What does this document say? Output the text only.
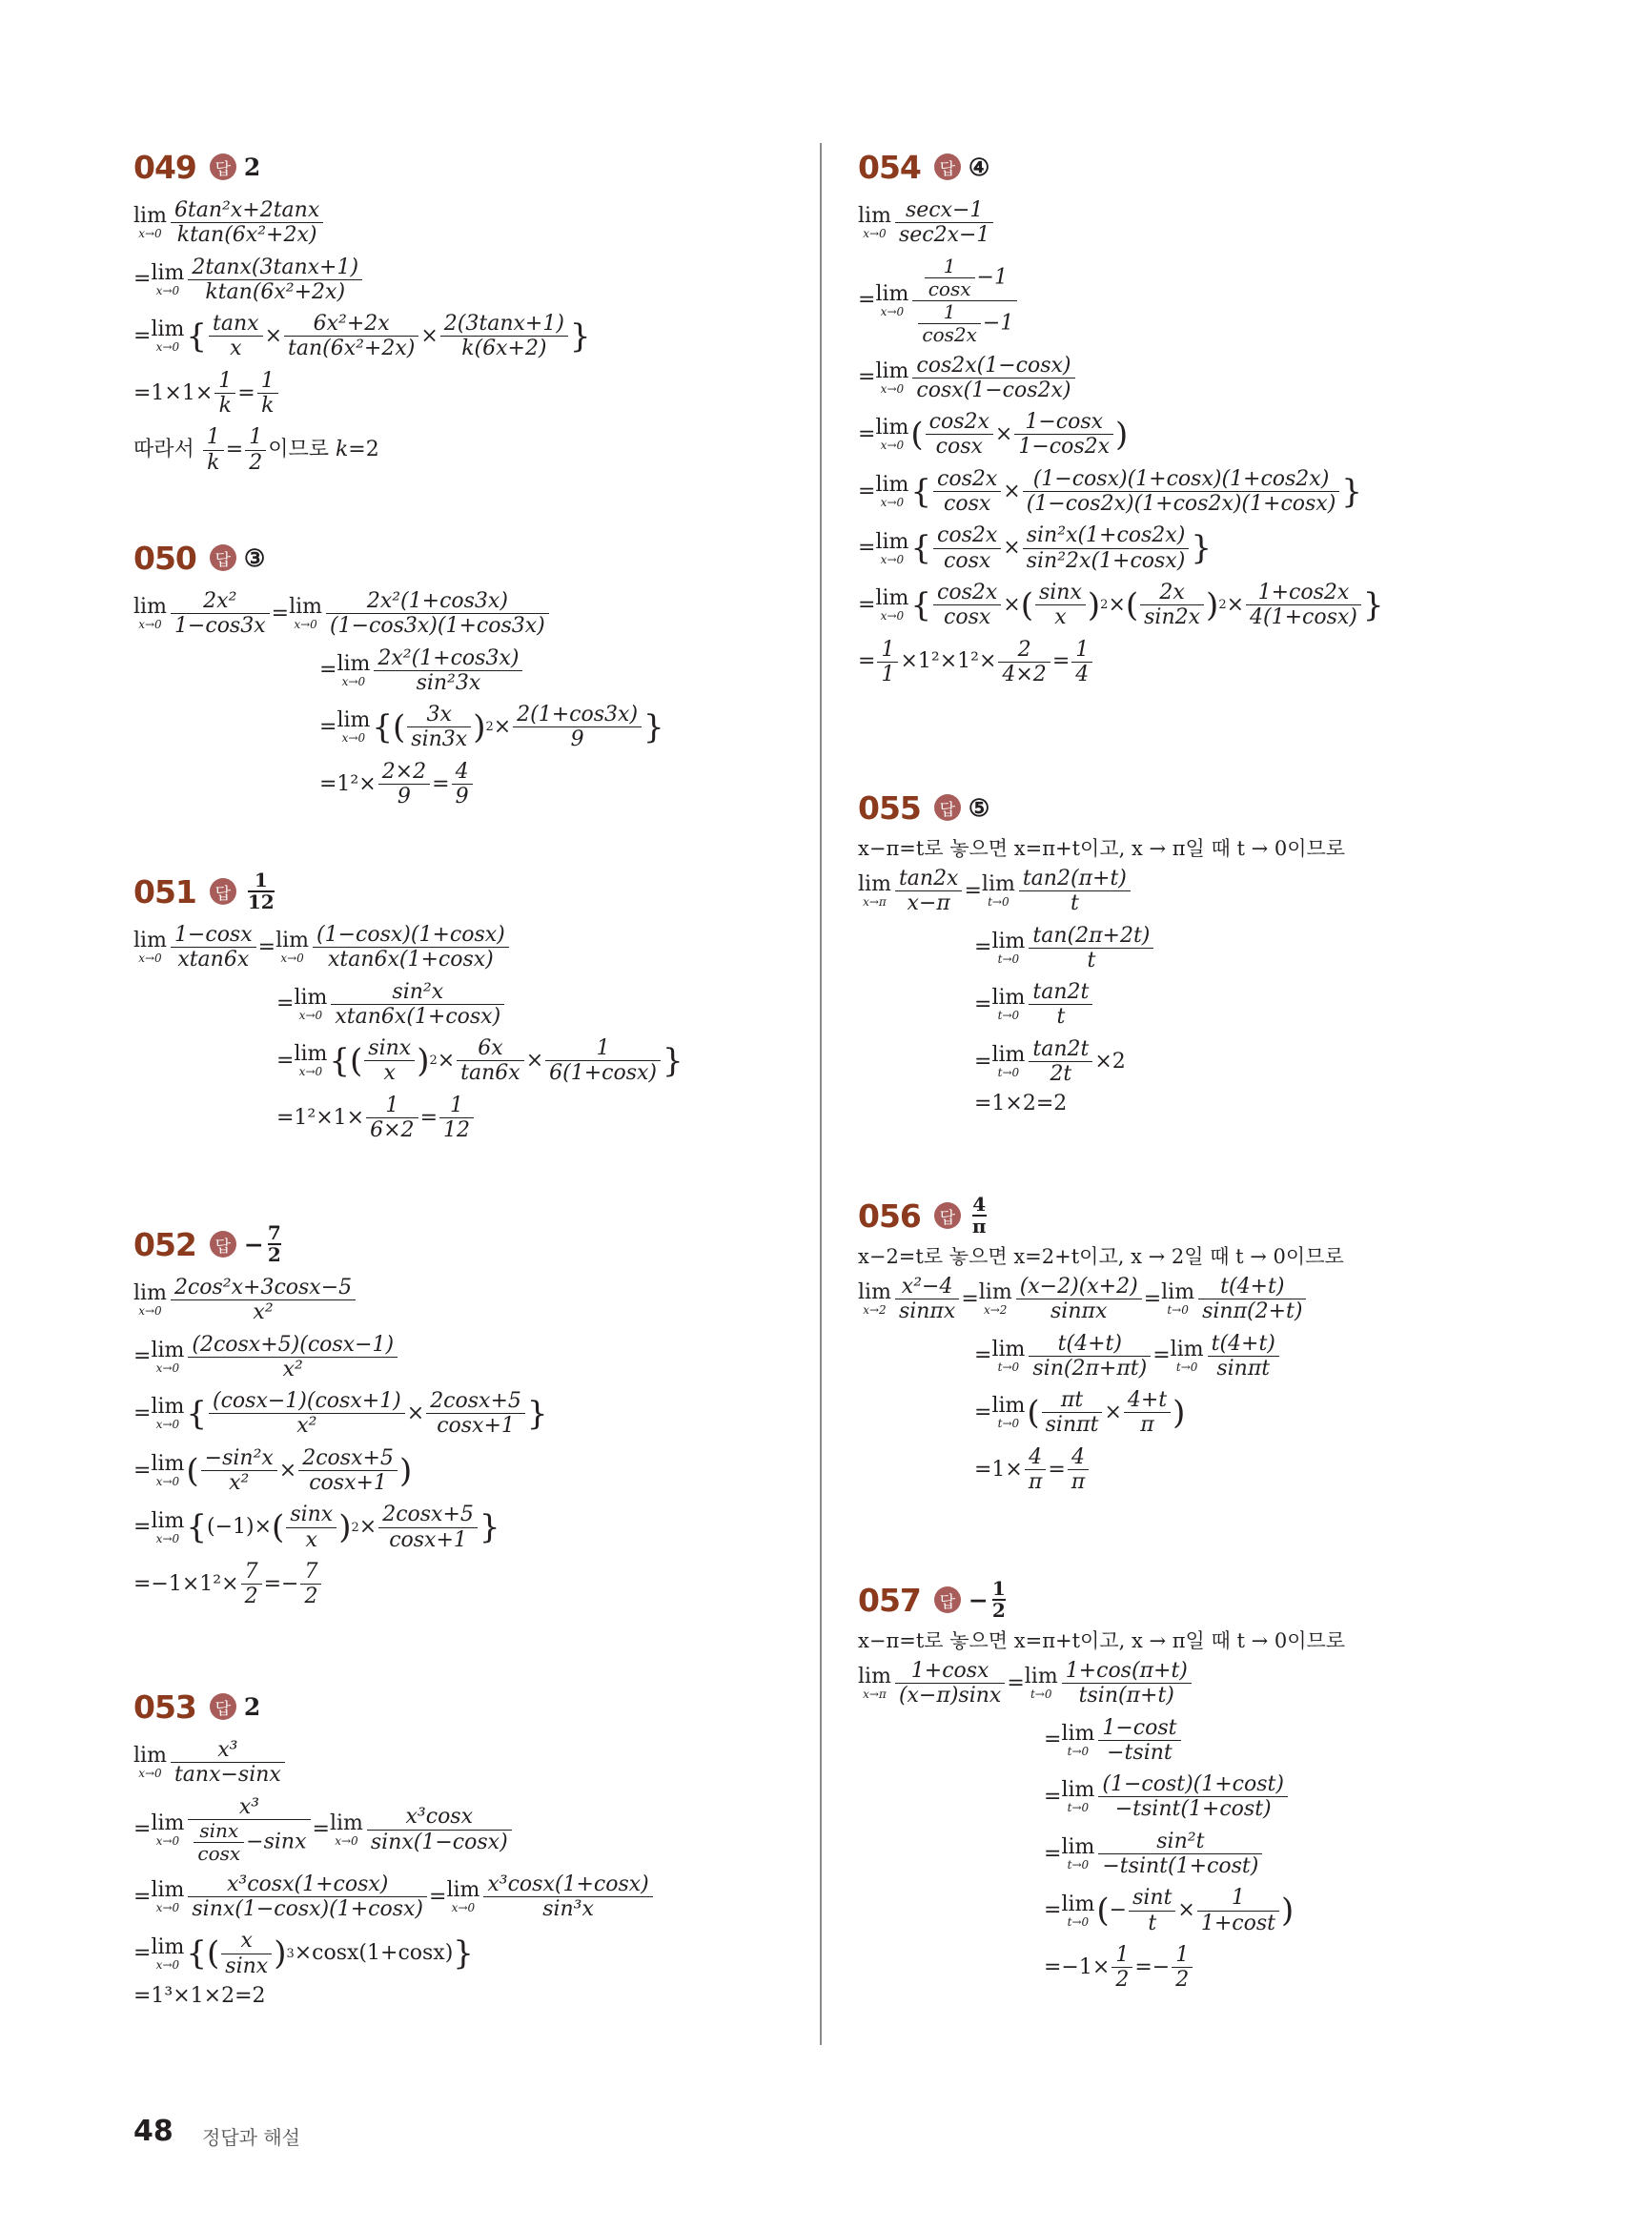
049	답 2
lim
$x\to 0 \frac{\text{6tan²x+2tanx}}{\text{ktan(6x²+2x)}}$
= lim
$x\to 0 \frac{2\tan x(3\tan x+1)}{\text{ktan(6x²+2x)}}$
= lim
x→0 { $\frac{\tan x}{x} \times \frac{\text{6x²+2x}}{\text{tan(6x²+2x)}} \times \frac{2(3\tan x+1)}{k(6x+2)}$ }
$=1\times 1\times \frac{1}{k} = \frac{1}{k}$
따라서 $\frac{1}{k} = \frac{1}{2}$ 이므로 k =2
050	답 ③
lim
$x\to 0 \frac{\text{2x²}}{1-\cos 3x} = \lim$
$x\to 0 \frac{\text{2x²(1+cos3x)}}{(1-\cos 3x)(1+\cos 3x)}$
= lim
$x\to 0 \frac{\text{2x²(1+cos3x)}}{\text{sin²3x}}$
= lim
x→0 {( $\frac{3x}{\sin 3x}$ ) $2 \times \frac{2(1+\cos 3x)}{9}$ }
$=1^2\times \frac{2\times 2}{9} = \frac{4}{9}$
051	답 $\frac{1}{12}$
lim
$x\to 0 \frac{1-\cos x}{xtan6x} = \lim$
$x\to 0 \frac{(1-\cos x)(1+\cos x)}{xtan6x(1+\cos x)}$
= lim
$x\to 0 \frac{\text{sin²x}}{xtan6x(1+\cos x)}$
= lim
x→0 {( $\frac{\sin x}{x}$ ) $2 \times \frac{6x}{\tan 6x} \times \frac{1}{6(1+\cos x)}$ }
$=1^2\times 1\times \frac{1}{6\times 2} = \frac{1}{12}$
052	답 − $\frac{7}{2}$
lim
$x\to 0 \frac{\text{2cos²x+3cosx−5}}{\text{x²}}$
= lim
$x\to 0 \frac{(2\cos x+5)(\cos x-1)}{\text{x²}}$
= lim
x→0 { $\frac{(\cos x-1)(\cos x+1)}{\text{x²}} \times \frac{2\cos x+5}{\cos x+1}$ }
= lim
x→0 ( $\frac{\text{−sin²x}}{\text{x²}} \times \frac{2\cos x+5}{\cos x+1}$ )
= lim
x→0 { (−1)× ( $\frac{\sin x}{x}$ ) $2 \times \frac{2\cos x+5}{\cos x+1}$ }
$=-1\times 1^2\times \frac{7}{2} =- \frac{7}{2}$
053	답 2
lim
$x\to 0 \frac{\text{x³}}{\tan x-\sin x}$
= lim
$x\to 0 \frac{\text{x³}}{\frac{\sin x}{\cos x} -\sin x} = \lim$
$x\to 0 \frac{\text{x³cosx}}{\sin x(1-\cos x)}$
= lim
$x\to 0 \frac{\text{x³cosx(1+cosx)}}{\sin x(1-\cos x)(1+\cos x)} = \lim$
$x\to 0 \frac{\text{x³cosx(1+cosx)}}{\text{sin³x}}$
= lim
x→0 {( $\frac{x}{\sin x}$ ) 3 ×cosx(1+cosx) }
=1³×1×2=2
054	답 ④
lim
$x\to 0 \frac{\sec x-1}{\sec 2x-1}$
= lim
$x\to 0 \frac{\frac{1}{\cos x} -1}{\frac{1}{\cos 2x} -1}$
= lim
$x\to 0 \frac{\cos 2x(1-\cos x)}{\cos x(1-\cos 2x)}$
= lim
x→0 ( $\frac{\cos 2x}{\cos x} \times \frac{1-\cos x}{1-\cos 2x}$ )
= lim
x→0 { $\frac{\cos 2x}{\cos x} \times \frac{(1-\cos x)(1+\cos x)(1+\cos 2x)}{(1-\cos 2x)(1+\cos 2x)(1+\cos x)}$ }
= lim
x→0 { $\frac{\cos 2x}{\cos x} \times \frac{\text{sin²x(1+cos2x)}}{\text{sin²2x(1+cosx)}}$ }
= lim
x→0 { $\frac{\cos 2x}{\cos x}$ × ( $\frac{\sin x}{x}$ ) 2 × ( $\frac{2x}{\sin 2x}$ ) $2 \times \frac{1+\cos 2x}{4(1+\cos x)}$ }
= $\frac{1}{1} \times 1^2\times 1^2\times \frac{2}{4\times 2} = \frac{1}{4}$
055	답 ⑤
x−π=t로 놓으면 x=π+t이고, x → π일 때 t → 0이므로
lim
$x\to\pi \frac{\tan 2x}{x-\pi} = \lim$
$t\to 0 \frac{\tan 2(\pi+t)}{t}$
= lim
$t\to 0 \frac{\tan(2\pi+2t)}{t}$
= lim
$t\to 0 \frac{\tan 2t}{t}$
= lim
$t\to 0 \frac{\tan 2t}{2t} \times 2$
=1×2=2
056	답 $\frac{4}{\pi}$
x−2=t로 놓으면 x=2+t이고, x → 2일 때 t → 0이므로
lim
$x\to 2 \frac{\text{x²−4}}{\sin\pi x} = \lim$
$x\to 2 \frac{(x-2)(x+2)}{\sin\pi x} = \lim$
$t\to 0 \frac{t(4+t)}{\sin\pi(2+t)}$
= lim
$t\to 0 \frac{t(4+t)}{\sin(2\pi+\pi t)} = \lim$
$t\to 0 \frac{t(4+t)}{\sin\pi t}$
= lim
t→0 ( $\frac{\pi t}{\sin\pi t} \times \frac{4+t}{\pi}$ )
$=1\times \frac{4}{\pi} = \frac{4}{\pi}$
057	답 − $\frac{1}{2}$
x−π=t로 놓으면 x=π+t이고, x → π일 때 t → 0이므로
lim
$x\to\pi \frac{1+\cos x}{(x-\pi)\sin x} = \lim$
$t\to 0 \frac{1+\cos(\pi+t)}{tsin(\pi+t)}$
= lim
$t\to 0 \frac{1-\cos t}{-tsint}$
= lim
$t\to 0 \frac{(1-\cos t)(1+\cos t)}{-tsint(1+\cos t)}$
= lim
$t\to 0 \frac{\text{sin²t}}{-tsint(1+\cos t)}$
= lim
t→0 ( − $\frac{\sin t}{t} \times \frac{1}{1+\cos t}$ )
$=-1\times \frac{1}{2} =- \frac{1}{2}$
48 정답과 해설
